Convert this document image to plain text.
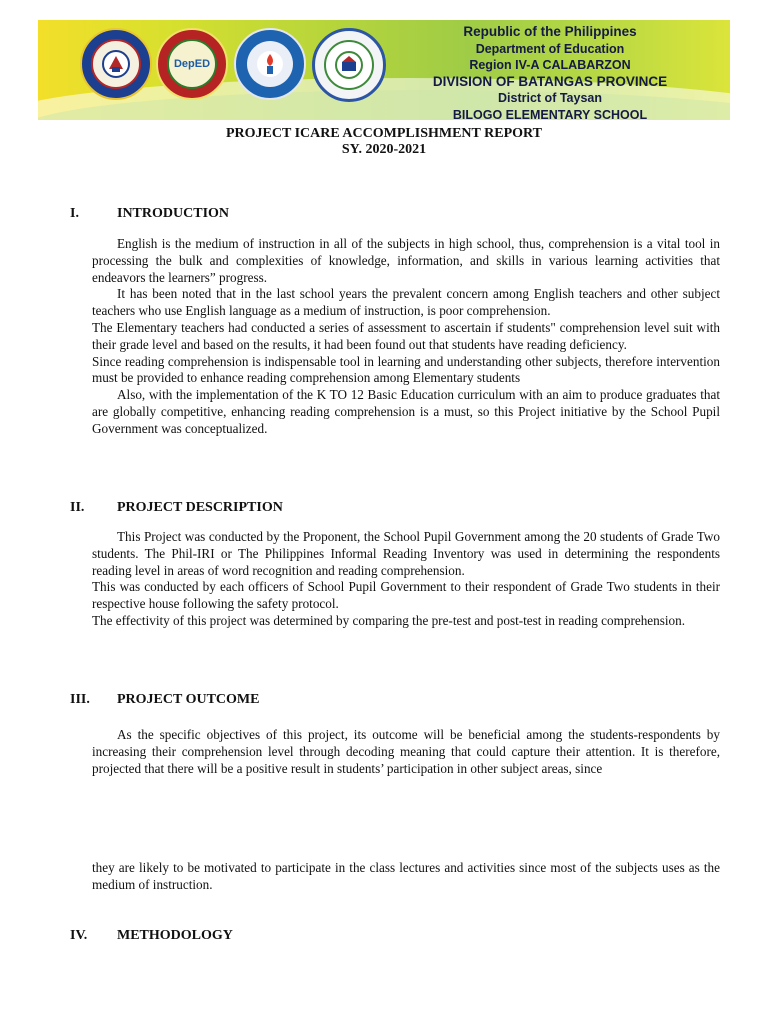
DepED
Republic of the Philippines
Department of Education
Region IV-A CALABARZON
DIVISION OF BATANGAS PROVINCE
District of Taysan
BILOGO ELEMENTARY SCHOOL
PROJECT ICARE ACCOMPLISHMENT REPORT
SY. 2020-2021
I.	INTRODUCTION

English is the medium of instruction in all of the subjects in high school, thus, comprehension is a vital tool in processing the bulk and complexities of knowledge, information, and skills in various learning activities that endeavors the learners” progress.

It has been noted that in the last school years the prevalent concern among English teachers and other subject teachers who use English language as a medium of instruction, is poor comprehension.

The Elementary teachers had conducted a series of assessment to ascertain if students" comprehension level suit with their grade level and based on the results, it had been found out that students have reading deficiency.

Since reading comprehension is indispensable tool in learning and understanding other subjects, therefore intervention must be provided to enhance reading comprehension among Elementary students

Also, with the implementation of the K TO 12 Basic Education curriculum with an aim to produce graduates that are globally competitive, enhancing reading comprehension is a must, so this Project initiative by the School Pupil Government was conceptualized.

II. PROJECT DESCRIPTION

This Project was conducted by the Proponent, the School Pupil Government among the 20 students of Grade Two students. The Phil-IRI or The Philippines Informal Reading Inventory was used in determining the respondents reading level in areas of word recognition and reading comprehension.

This was conducted by each officers of School Pupil Government to their respondent of Grade Two students in their respective house following the safety protocol.

The effectivity of this project was determined by comparing the pre-test and post-test in reading comprehension.

III. PROJECT OUTCOME

As the specific objectives of this project, its outcome will be beneficial among the students-respondents by increasing their comprehension level through decoding meaning that could capture their attention. It is therefore, projected that there will be a positive result in students’ participation in other subject areas, since

they are likely to be motivated to participate in the class lectures and activities since most of the subjects uses as the medium of instruction.

IV. METHODOLOGY
